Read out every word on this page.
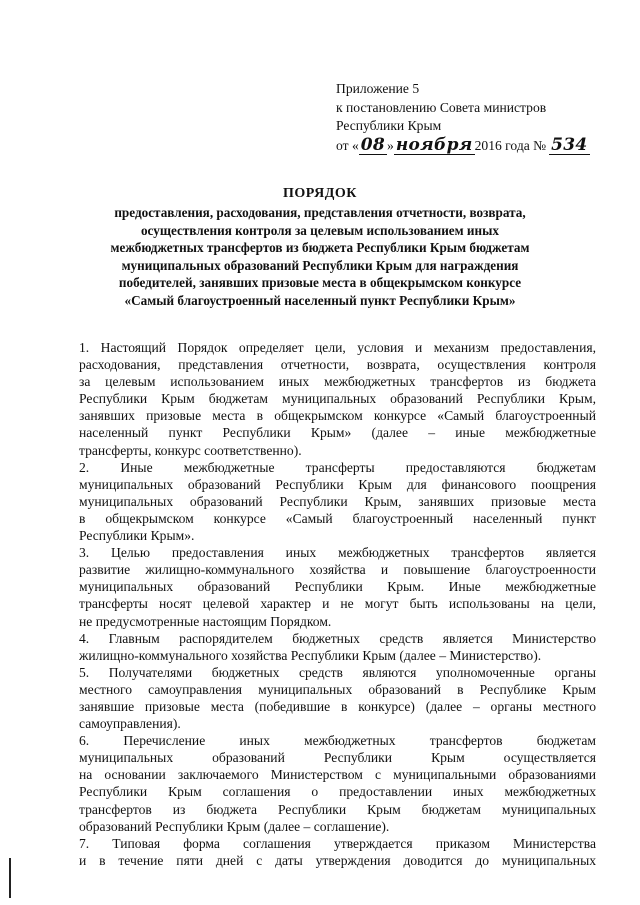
Приложение 5
к постановлению Совета министров
Республики Крым
от « 08 » ноября 2016 года № 534
ПОРЯДОК
предоставления, расходования, представления отчетности, возврата,
осуществления контроля за целевым использованием иных
межбюджетных трансфертов из бюджета Республики Крым бюджетам
муниципальных образований Республики Крым для награждения
победителей, занявших призовые места в общекрымском конкурсе
«Самый благоустроенный населенный пункт Республики Крым»
1. Настоящий Порядок определяет цели, условия и механизм предоставления,
расходования, представления отчетности, возврата, осуществления контроля
за целевым использованием иных межбюджетных трансфертов из бюджета
Республики Крым бюджетам муниципальных образований Республики Крым,
занявших призовые места в общекрымском конкурсе «Самый благоустроенный
населенный пункт Республики Крым» (далее – иные межбюджетные
трансферты, конкурс соответственно).
2. Иные межбюджетные трансферты предоставляются бюджетам
муниципальных образований Республики Крым для финансового поощрения
муниципальных образований Республики Крым, занявших призовые места
в общекрымском конкурсе «Самый благоустроенный населенный пункт
Республики Крым».
3. Целью предоставления иных межбюджетных трансфертов является
развитие жилищно-коммунального хозяйства и повышение благоустроенности
муниципальных образований Республики Крым. Иные межбюджетные
трансферты носят целевой характер и не могут быть использованы на цели,
не предусмотренные настоящим Порядком.
4. Главным распорядителем бюджетных средств является Министерство
жилищно-коммунального хозяйства Республики Крым (далее – Министерство).
5. Получателями бюджетных средств являются уполномоченные органы
местного самоуправления муниципальных образований в Республике Крым
занявшие призовые места (победившие в конкурсе) (далее – органы местного
самоуправления).
6. Перечисление иных межбюджетных трансфертов бюджетам
муниципальных образований Республики Крым осуществляется
на основании заключаемого Министерством с муниципальными образованиями
Республики Крым соглашения о предоставлении иных межбюджетных
трансфертов из бюджета Республики Крым бюджетам муниципальных
образований Республики Крым (далее – соглашение).
7. Типовая форма соглашения утверждается приказом Министерства
и в течение пяти дней с даты утверждения доводится до муниципальных
